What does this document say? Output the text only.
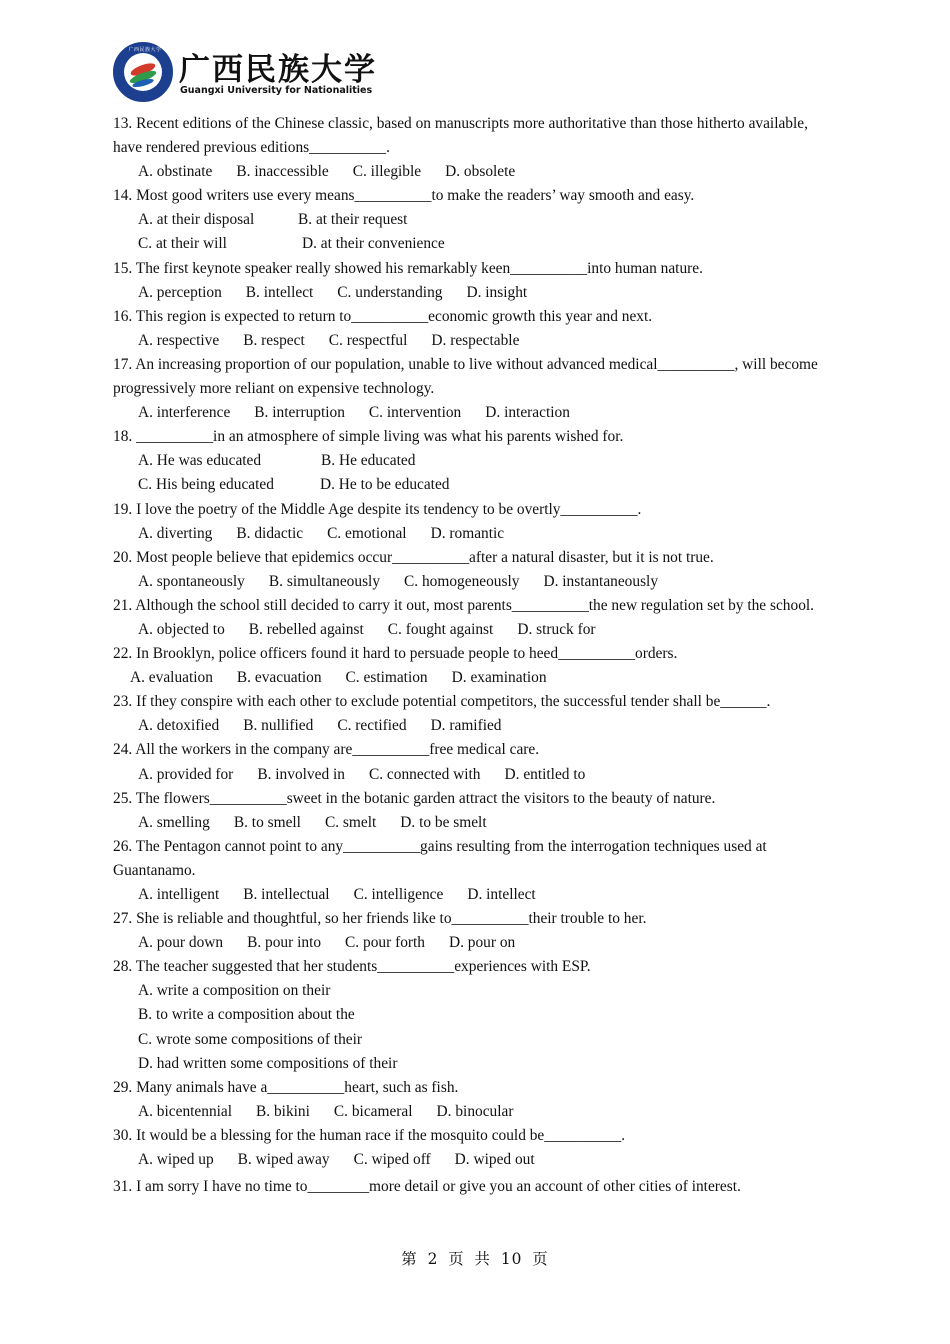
广西民族大学
广西民族大学
Guangxi University for Nationalities

13. Recent editions of the Chinese classic, based on manuscripts more authoritative than those hitherto available, have rendered previous editions__________.

A. obstinate B. inaccessible C. illegible D. obsolete

14. Most good writers use every means__________to make the readers’ way smooth and easy.

A. at their disposal	B. at their request

C. at their will	D. at their convenience

15. The first keynote speaker really showed his remarkably keen__________into human nature.

A. perception B. intellect C. understanding D. insight

16. This region is expected to return to__________economic growth this year and next.

A. respective B. respect C. respectful D. respectable

17. An increasing proportion of our population, unable to live without advanced medical__________, will become progressively more reliant on expensive technology.

A. interference B. interruption C. intervention D. interaction

18. __________in an atmosphere of simple living was what his parents wished for.

A. He was educated	B. He educated

C. His being educated	D. He to be educated

19. I love the poetry of the Middle Age despite its tendency to be overtly__________.

A. diverting B. didactic C. emotional D. romantic

20. Most people believe that epidemics occur__________after a natural disaster, but it is not true.

A. spontaneously B. simultaneously C. homogeneously D. instantaneously

21. Although the school still decided to carry it out, most parents__________the new regulation set by the school.

A. objected to B. rebelled against C. fought against D. struck for

22. In Brooklyn, police officers found it hard to persuade people to heed__________orders.

A. evaluation B. evacuation C. estimation D. examination

23. If they conspire with each other to exclude potential competitors, the successful tender shall be______.

A. detoxified B. nullified C. rectified D. ramified

24. All the workers in the company are__________free medical care.

A. provided for B. involved in C. connected with D. entitled to

25. The flowers__________sweet in the botanic garden attract the visitors to the beauty of nature.

A. smelling B. to smell C. smelt D. to be smelt

26. The Pentagon cannot point to any__________gains resulting from the interrogation techniques used at Guantanamo.

A. intelligent B. intellectual C. intelligence D. intellect

27. She is reliable and thoughtful, so her friends like to__________their trouble to her.

A. pour down B. pour into C. pour forth D. pour on

28. The teacher suggested that her students__________experiences with ESP.

A. write a composition on their

B. to write a composition about the

C. wrote some compositions of their

D. had written some compositions of their

29. Many animals have a__________heart, such as fish.

A. bicentennial B. bikini C. bicameral D. binocular

30. It would be a blessing for the human race if the mosquito could be__________.

A. wiped up B. wiped away C. wiped off D. wiped out

31. I am sorry I have no time to________more detail or give you an account of other cities of interest.

第 2 页 共 10 页
